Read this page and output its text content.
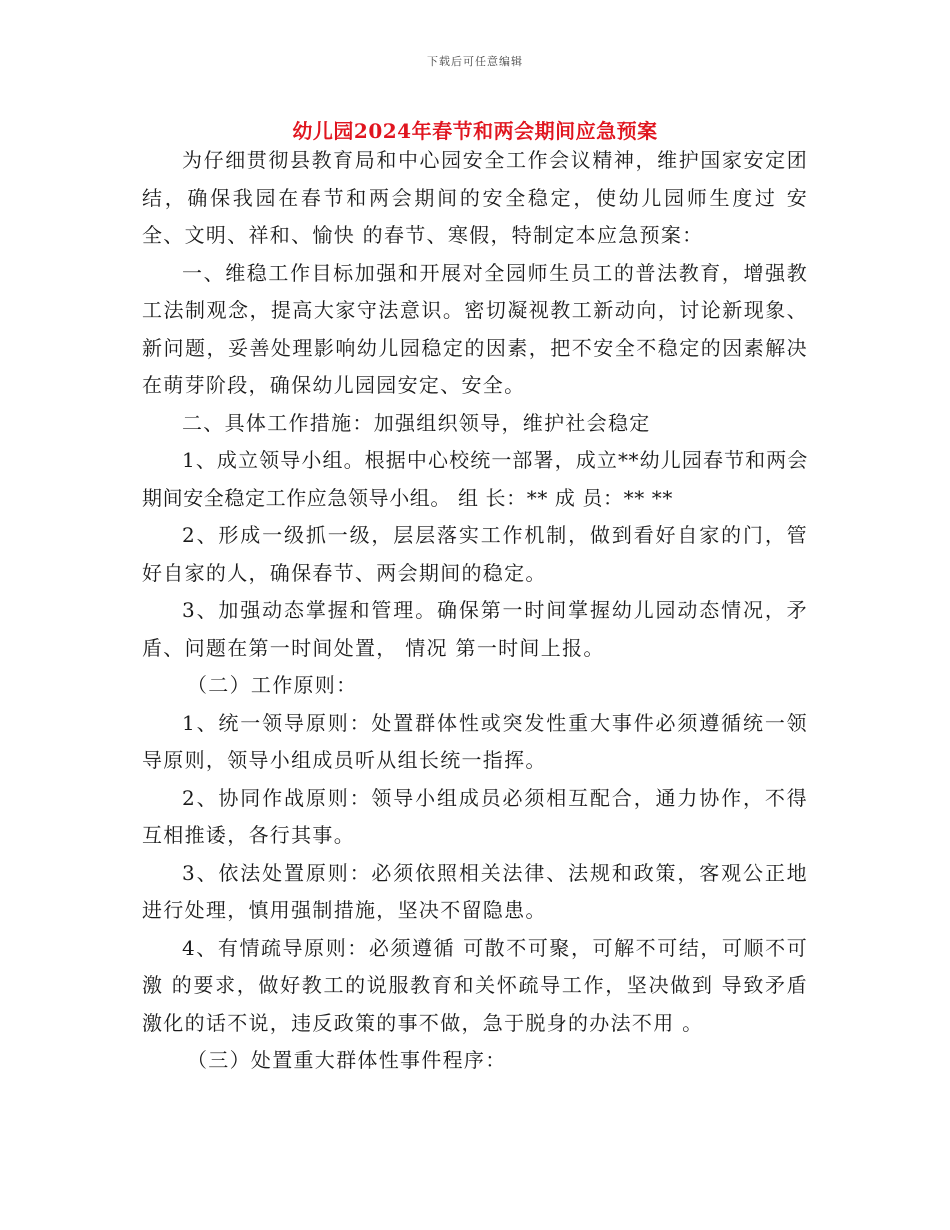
下载后可任意编辑
幼儿园2024年春节和两会期间应急预案

为仔细贯彻县教育局和中心园安全工作会议精神，维护国家安定团结，确保我园在春节和两会期间的安全稳定，使幼儿园师生度过 安全、文明、祥和、愉快 的春节、寒假，特制定本应急预案：

一、维稳工作目标加强和开展对全园师生员工的普法教育，增强教工法制观念，提高大家守法意识。密切凝视教工新动向，讨论新现象、新问题，妥善处理影响幼儿园稳定的因素，把不安全不稳定的因素解决在萌芽阶段，确保幼儿园园安定、安全。

二、具体工作措施：加强组织领导，维护社会稳定

1、成立领导小组。根据中心校统一部署，成立**幼儿园春节和两会期间安全稳定工作应急领导小组。 组 长：** 成 员：** **

2、形成一级抓一级，层层落实工作机制，做到看好自家的门，管好自家的人，确保春节、两会期间的稳定。

3、加强动态掌握和管理。确保第一时间掌握幼儿园动态情况，矛盾、问题在第一时间处置， 情况 第一时间上报。

（二）工作原则：

1、统一领导原则：处置群体性或突发性重大事件必须遵循统一领导原则，领导小组成员听从组长统一指挥。

2、协同作战原则：领导小组成员必须相互配合，通力协作，不得互相推诿，各行其事。

3、依法处置原则：必须依照相关法律、法规和政策，客观公正地进行处理，慎用强制措施，坚决不留隐患。

4、有情疏导原则：必须遵循 可散不可聚，可解不可结，可顺不可激 的要求，做好教工的说服教育和关怀疏导工作，坚决做到 导致矛盾激化的话不说，违反政策的事不做，急于脱身的办法不用 。

（三）处置重大群体性事件程序：
